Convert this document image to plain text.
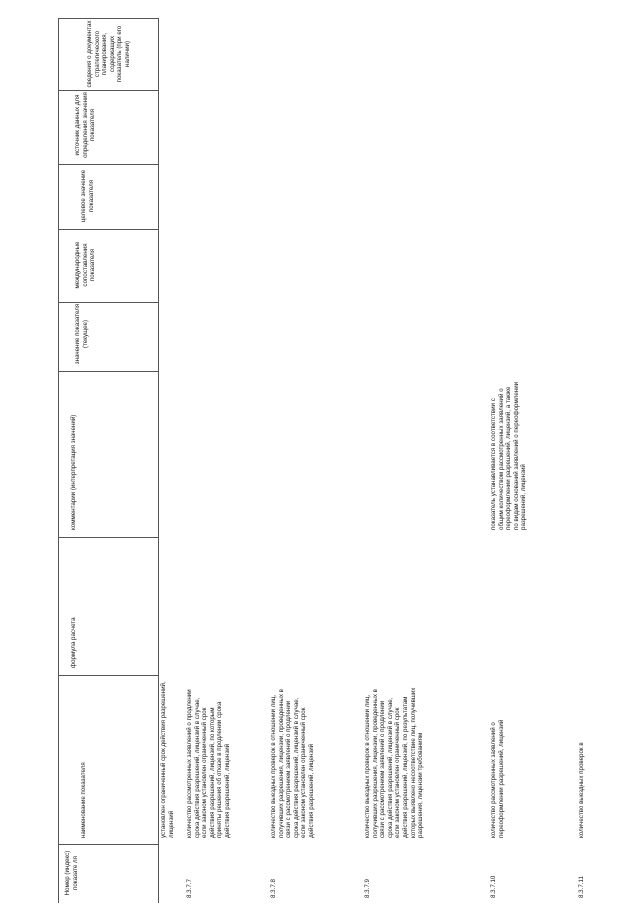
Номер (индекс) показате ля
наименование показателя
формула расчета
комментарии (интерпретация значений)
значение показателя (текущее)
международные сопоставления показателя
целевое значение показателя
источник данных для определения значения показателя
сведения о документах стратегического планирования, содержащих показатель (при его наличии)
установлен ограниченный срок действия разрешений, лицензий
8.3.7.7
количество рассмотренных заявлений о продлении срока действия разрешений, лицензий в случае, если законом установлен ограниченный срок действия разрешений, лицензий, по которым приняты решения об отказе в продлении срока действия разрешений, лицензий
8.3.7.8
количество выездных проверок в отношении лиц, получивших разрешения, лицензии, проведенных в связи с рассмотрением заявлений о продлении срока действия разрешений, лицензий в случае, если законом установлен ограниченный срок действия разрешений, лицензий
8.3.7.9
количество выездных проверок в отношении лиц, получивших разрешения, лицензии, проведенных в связи с рассмотрением заявлений о продлении срока действия разрешений, лицензий в случае, если законом установлен ограниченный срок действия разрешений, лицензий, по результатам которых выявлено несоответствие лиц, получивших разрешения, лицензии требованиям
8.3.7.10
количество рассмотренных заявлений о переоформлении разрешений, лицензий
показатель устанавливается в соответствии с общим количеством рассмотренных заявлений о переоформлении разрешений, лицензий, а также по видам оснований заявлений о переоформлении разрешений, лицензий
8.3.7.11
количество выездных проверок в
